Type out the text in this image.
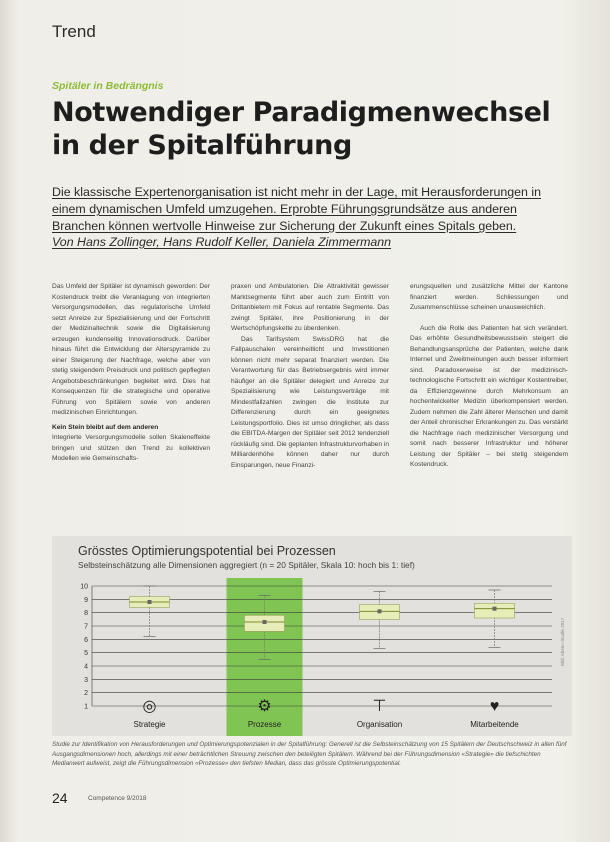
Trend
Spitäler in Bedrängnis
Notwendiger Paradigmenwechsel
in der Spitalführung
Die klassische Expertenorganisation ist nicht mehr in der Lage, mit Herausforderungen in einem dynamischen Umfeld umzugehen. Erprobte Führungsgrundsätze aus anderen Branchen können wertvolle Hinweise zur Sicherung der Zukunft eines Spitals geben.
Von Hans Zollinger, Hans Rudolf Keller, Daniela Zimmermann

Das Umfeld der Spitäler ist dynamisch geworden: Der Kostendruck treibt die Veranlagung von integrierten Versorgungsmodellen, das regulatorische Umfeld setzt Anreize zur Spezialisierung und der Fortschritt der Medizinaltechnik sowie die Digitalisierung erzeugen kundenseitig Innovationsdruck. Darüber hinaus führt die Entwicklung der Alterspyramide zu einer Steigerung der Nachfrage, welche aber von stetig steigendem Preisdruck und politisch gepflegten Angebotsbeschränkungen begleitet wird. Dies hat Konsequenzen für die strategische und operative Führung von Spitälern sowie von anderen medizinischen Einrichtungen.

Kein Stein bleibt auf dem anderen

Integrierte Versorgungsmodelle sollen Skaleneffekte bringen und stützen den Trend zu kollektiven Modellen wie Gemeinschafts-

praxen und Ambulatorien. Die Attraktivität gewisser Marktsegmente führt aber auch zum Eintritt von Drittanbietern mit Fokus auf rentable Segmente. Das zwingt Spitäler, ihre Positionierung in der Wertschöpfungskette zu überdenken.

Das Tarifsystem SwissDRG hat die Fallpauschalen vereinheitlicht und Investitionen können nicht mehr separat finanziert werden. Die Verantwortung für das Betriebsergebnis wird immer häufiger an die Spitäler delegiert und Anreize zur Spezialisierung wie Leistungsverträge mit Mindestfallzahlen zwingen die Institute zur Differenzierung durch ein geeignetes Leistungsportfolio. Dies ist umso dringlicher, als dass die EBITDA-Margen der Spitäler seit 2012 tendenziell rückläufig sind. Die geplanten Infrastrukturvorhaben in Milliardenhöhe können daher nur durch Einsparungen, neue Finanzi-

erungsquellen und zusätzliche Mittel der Kantone finanziert werden. Schliessungen und Zusammenschlüsse scheinen unausweichlich.

Auch die Rolle des Patienten hat sich verändert. Das erhöhte Gesundheitsbewusstsein steigert die Behandlungsansprüche der Patienten, welche dank Internet und Zweitmeinungen auch besser informiert sind. Paradoxerweise ist der medizinisch-technologische Fortschritt ein wichtiger Kostentreiber, da Effizienzgewinne durch Mehrkonsum an hochentwickelter Medizin überkompensiert werden. Zudem nehmen die Zahl älterer Menschen und damit der Anteil chronischer Erkrankungen zu. Das verstärkt die Nachfrage nach medizinischer Versorgung und somit nach besserer Infrastruktur und höherer Leistung der Spitäler – bei stetig steigendem Kostendruck.

Grösstes Optimierungspotential bei Prozessen
Selbsteinschätzung alle Dimensionen aggregiert (n = 20 Spitäler, Skala 10: hoch bis 1: tief)
1
2
3
4
5
6
7
8
9
10
Bild: Abeno-Studie 2017
◎
Strategie
⚙
Prozesse
⊤
Organisation
♥
Mitarbeitende
Studie zur Identifikation von Herausforderungen und Optimierungspotenzialen in der Spitalführung: Generell ist die Selbsteinschätzung von 15 Spitälern der Deutschschweiz in allen fünf Ausgangsdimensionen hoch, allerdings mit einer beträchtlichen Streuung zwischen den beteiligten Spitälern. Während bei der Führungsdimension «Strategie» die tiefschichten Medianwert aufweist, zeigt die Führungsdimension «Prozesse» den tiefsten Median, dass das grösste Optimierungspotential.
24	Competence 9/2018
